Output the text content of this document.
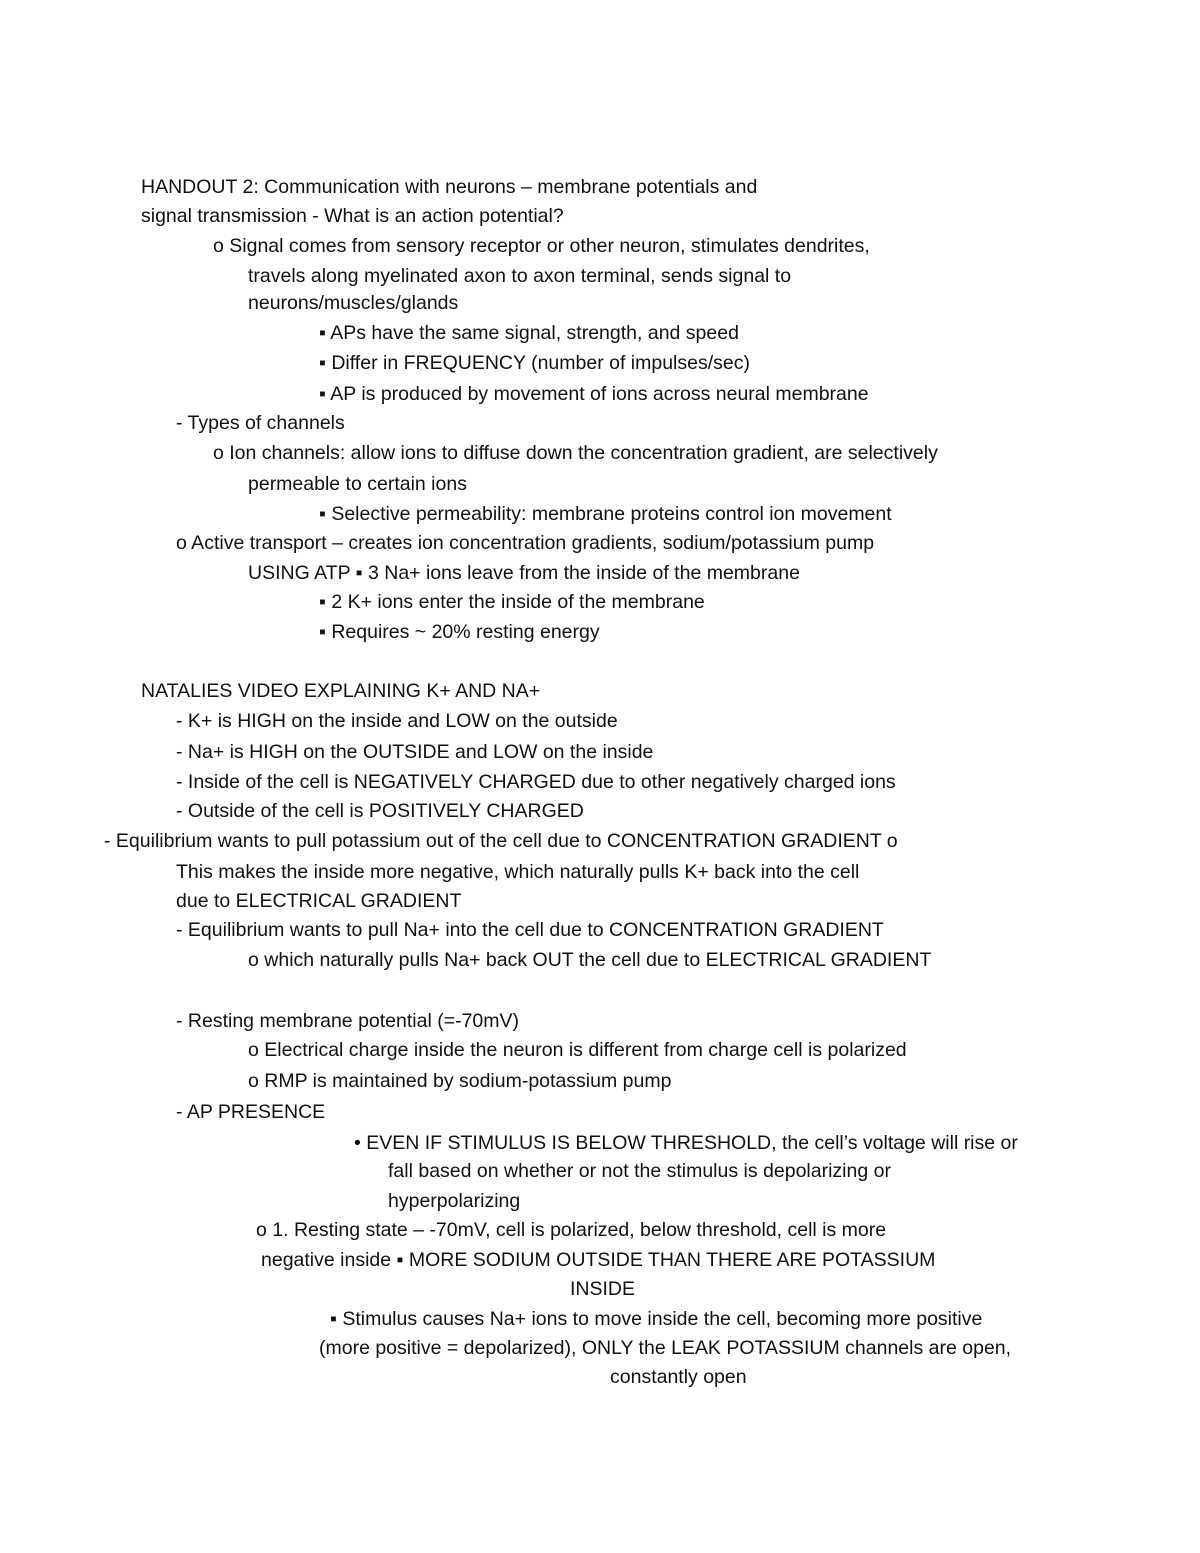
HANDOUT 2: Communication with neurons – membrane potentials and
signal transmission - What is an action potential?
o Signal comes from sensory receptor or other neuron, stimulates dendrites,
travels along myelinated axon to axon terminal, sends signal to
neurons/muscles/glands
▪ APs have the same signal, strength, and speed
▪ Differ in FREQUENCY (number of impulses/sec)
▪ AP is produced by movement of ions across neural membrane
- Types of channels
o Ion channels: allow ions to diffuse down the concentration gradient, are selectively
permeable to certain ions
▪ Selective permeability: membrane proteins control ion movement
o Active transport – creates ion concentration gradients, sodium/potassium pump
USING ATP ▪ 3 Na+ ions leave from the inside of the membrane
▪ 2 K+ ions enter the inside of the membrane
▪ Requires ~ 20% resting energy
NATALIES VIDEO EXPLAINING K+ AND NA+
- K+ is HIGH on the inside and LOW on the outside
- Na+ is HIGH on the OUTSIDE and LOW on the inside
- Inside of the cell is NEGATIVELY CHARGED due to other negatively charged ions
- Outside of the cell is POSITIVELY CHARGED
- Equilibrium wants to pull potassium out of the cell due to CONCENTRATION GRADIENT o
This makes the inside more negative, which naturally pulls K+ back into the cell
due to ELECTRICAL GRADIENT
- Equilibrium wants to pull Na+ into the cell due to CONCENTRATION GRADIENT
o which naturally pulls Na+ back OUT the cell due to ELECTRICAL GRADIENT
- Resting membrane potential (=-70mV)
o Electrical charge inside the neuron is different from charge cell is polarized
o RMP is maintained by sodium-potassium pump
- AP PRESENCE
• EVEN IF STIMULUS IS BELOW THRESHOLD, the cell’s voltage will rise or
fall based on whether or not the stimulus is depolarizing or
hyperpolarizing
o 1. Resting state – -70mV, cell is polarized, below threshold, cell is more
negative inside ▪ MORE SODIUM OUTSIDE THAN THERE ARE POTASSIUM
INSIDE
▪ Stimulus causes Na+ ions to move inside the cell, becoming more positive
(more positive = depolarized), ONLY the LEAK POTASSIUM channels are open,
constantly open
